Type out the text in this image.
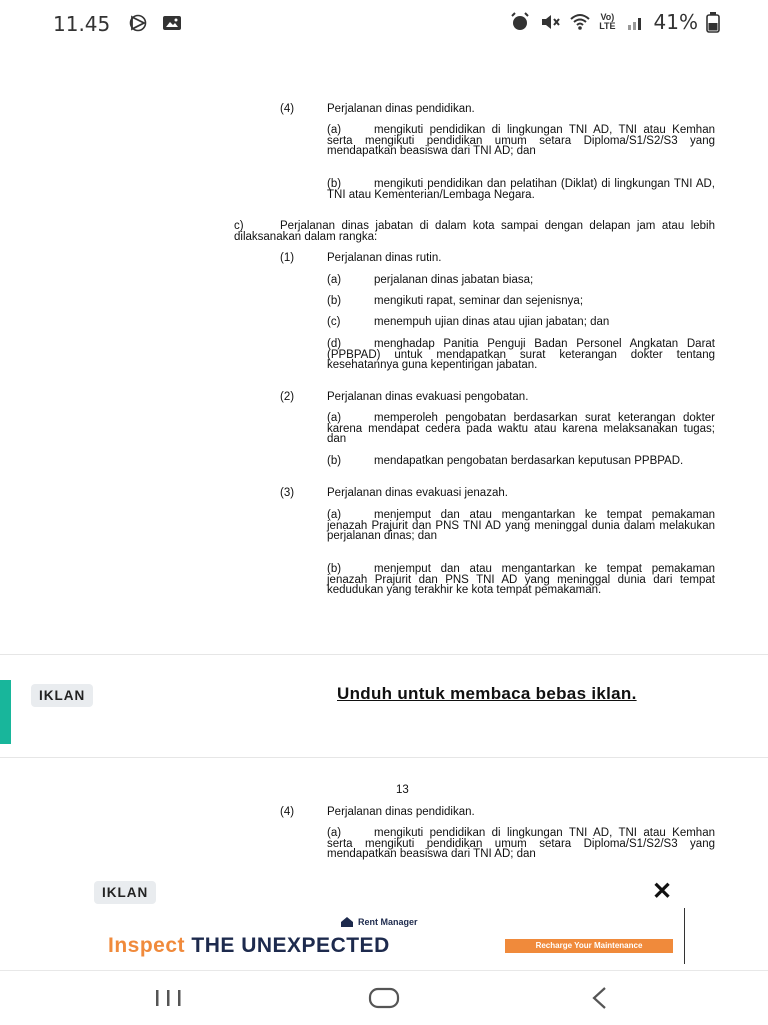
11.45	Vo)
LTE 41%
(4)	Perjalanan dinas pendidikan.
(a)	mengikuti pendidikan di lingkungan TNI AD, TNI atau Kemhan serta mengikuti pendidikan umum setara Diploma/S1/S2/S3 yang mendapatkan beasiswa dari TNI AD; dan
(b)	mengikuti pendidikan dan pelatihan (Diklat) di lingkungan TNI AD, TNI atau Kementerian/Lembaga Negara.
c)	Perjalanan dinas jabatan di dalam kota sampai dengan delapan jam atau lebih dilaksanakan dalam rangka:
(1)	Perjalanan dinas rutin.
(a)	perjalanan dinas jabatan biasa;
(b)	mengikuti rapat, seminar dan sejenisnya;
(c)	menempuh ujian dinas atau ujian jabatan; dan
(d)	menghadap Panitia Penguji Badan Personel Angkatan Darat (PPBPAD) untuk mendapatkan surat keterangan dokter tentang kesehatannya guna kepentingan jabatan.
(2)	Perjalanan dinas evakuasi pengobatan.
(a)	memperoleh pengobatan berdasarkan surat keterangan dokter karena mendapat cedera pada waktu atau karena melaksanakan tugas; dan
(b)	mendapatkan pengobatan berdasarkan keputusan PPBPAD.
(3)	Perjalanan dinas evakuasi jenazah.
(a)	menjemput dan atau mengantarkan ke tempat pemakaman jenazah Prajurit dan PNS TNI AD yang meninggal dunia dalam melakukan perjalanan dinas; dan
(b)	menjemput dan atau mengantarkan ke tempat pemakaman jenazah Prajurit dan PNS TNI AD yang meninggal dunia dari tempat kedudukan yang terakhir ke kota tempat pemakaman.
IKLAN	Unduh untuk membaca bebas iklan.
13
(4)	Perjalanan dinas pendidikan.
(a)	mengikuti pendidikan di lingkungan TNI AD, TNI atau Kemhan serta mengikuti pendidikan umum setara Diploma/S1/S2/S3 yang mendapatkan beasiswa dari TNI AD; dan
IKLAN	✕
Rent Manager
Inspect THE UNEXPECTED	Recharge Your Maintenance
